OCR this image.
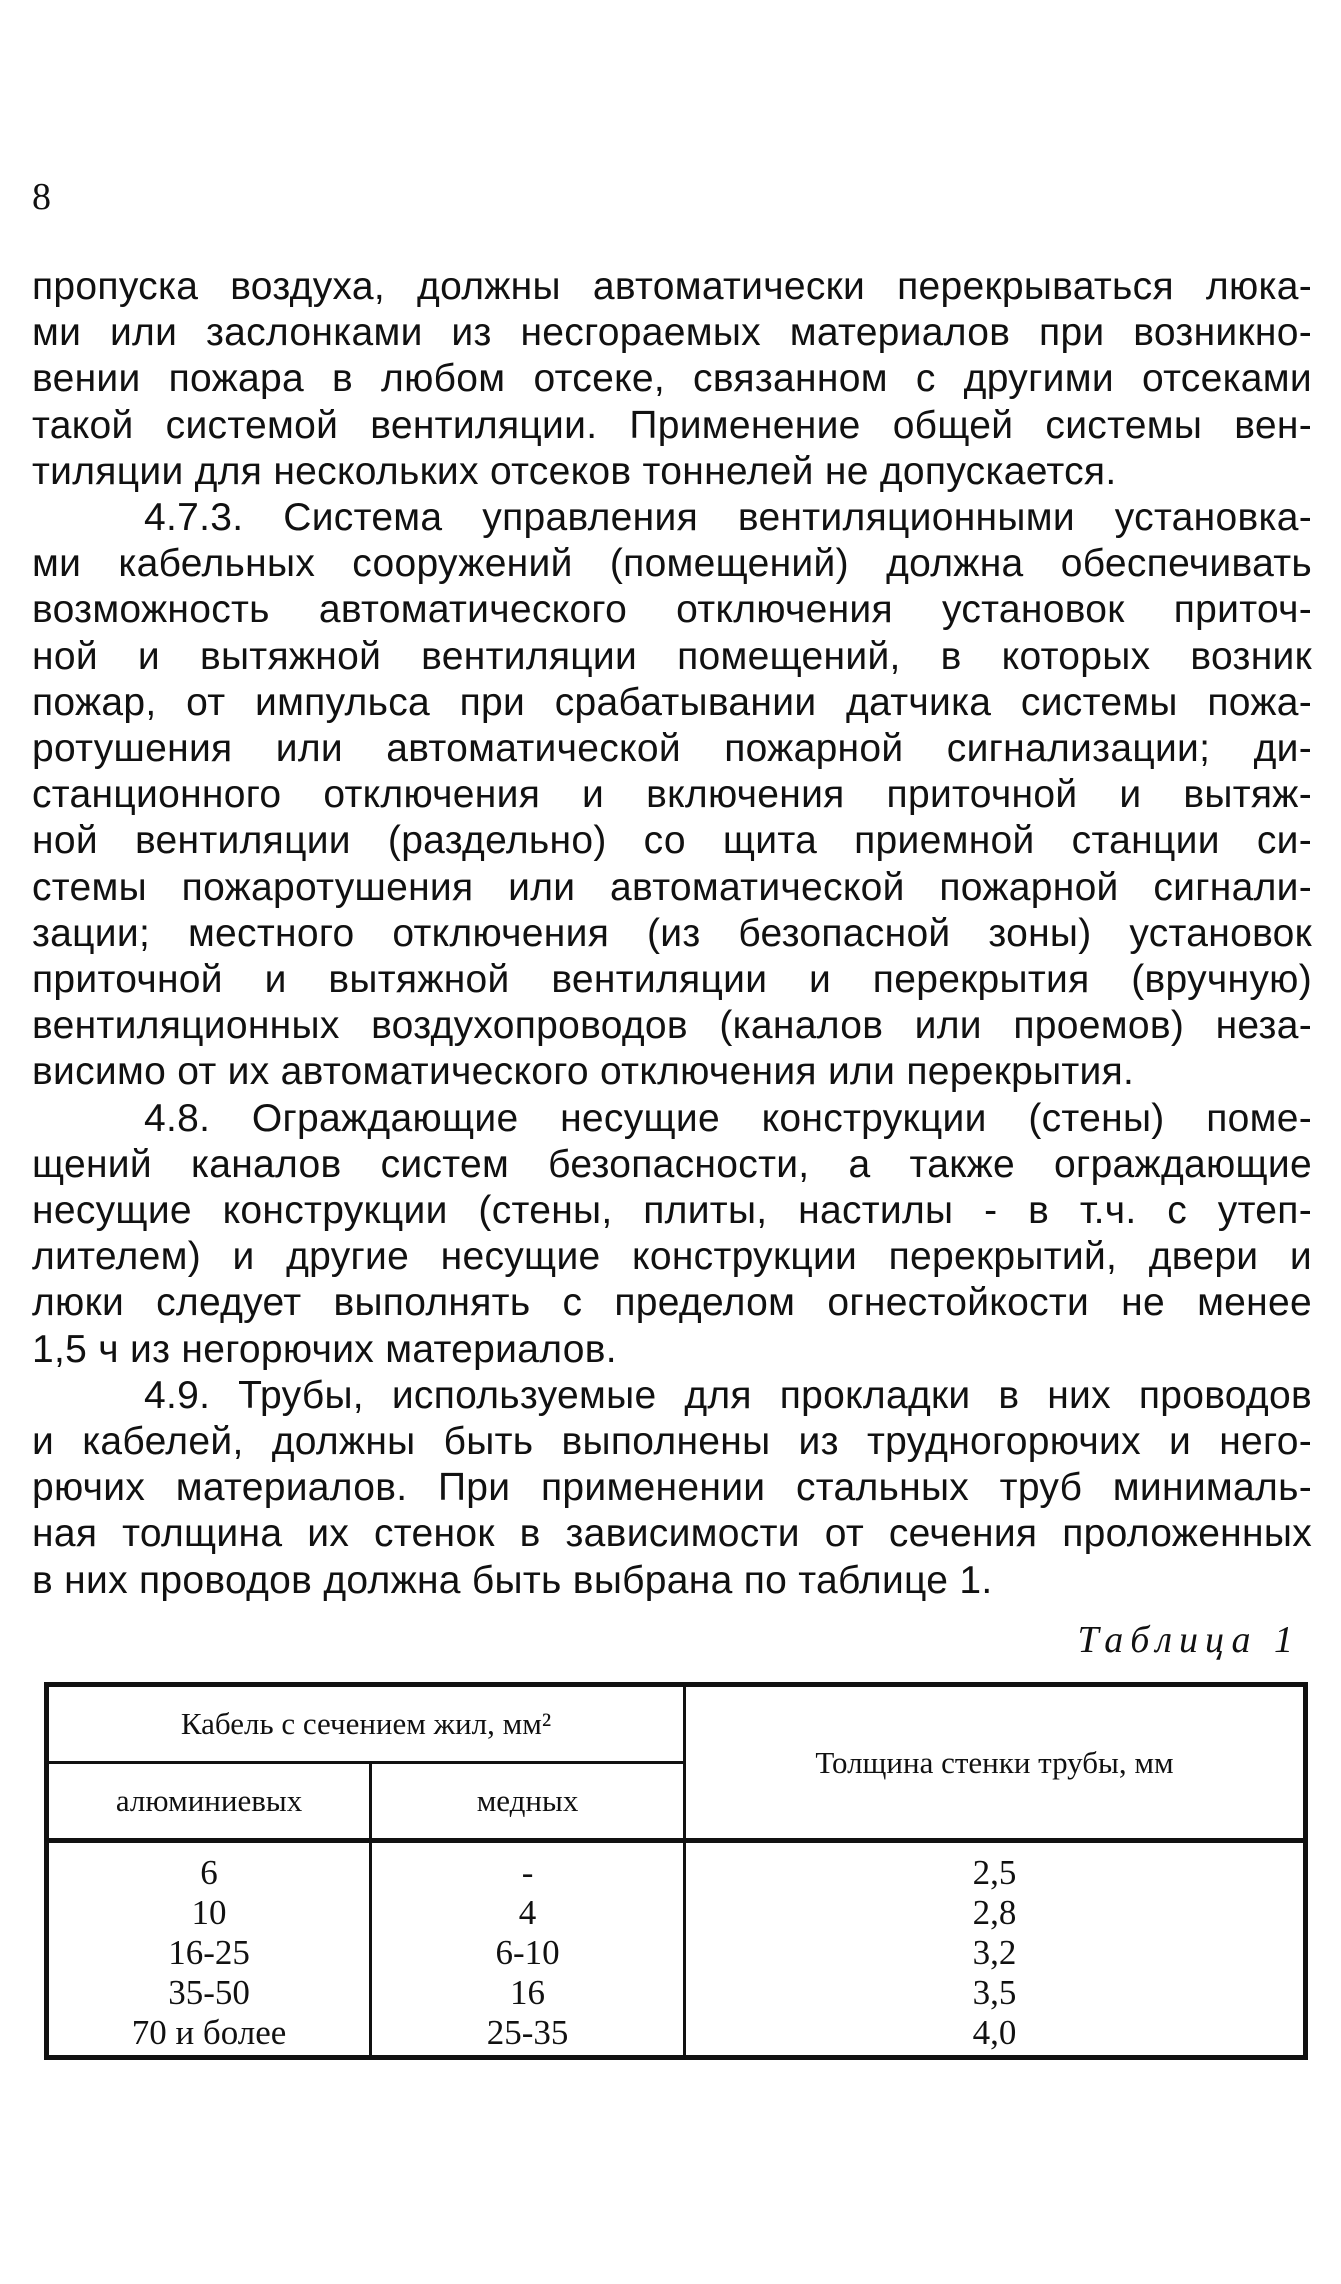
8
пропуска воздуха, должны автоматически перекрываться люка-
ми или заслонками из несгораемых материалов при возникно-
вении пожара в любом отсеке, связанном с другими отсеками
такой системой вентиляции. Применение общей системы вен-
тиляции для нескольких отсеков тоннелей не допускается.
4.7.3. Система управления вентиляционными установка-
ми кабельных сооружений (помещений) должна обеспечивать
возможность автоматического отключения установок приточ-
ной и вытяжной вентиляции помещений, в которых возник
пожар, от импульса при срабатывании датчика системы пожа-
ротушения или автоматической пожарной сигнализации; ди-
станционного отключения и включения приточной и вытяж-
ной вентиляции (раздельно) со щита приемной станции си-
стемы пожаротушения или автоматической пожарной сигнали-
зации; местного отключения (из безопасной зоны) установок
приточной и вытяжной вентиляции и перекрытия (вручную)
вентиляционных воздухопроводов (каналов или проемов) неза-
висимо от их автоматического отключения или перекрытия.
4.8. Ограждающие несущие конструкции (стены) поме-
щений каналов систем безопасности, а также ограждающие
несущие конструкции (стены, плиты, настилы - в т.ч. с утеп-
лителем) и другие несущие конструкции перекрытий, двери и
люки следует выполнять с пределом огнестойкости не менее
1,5 ч из негорючих материалов.
4.9. Трубы, используемые для прокладки в них проводов
и кабелей, должны быть выполнены из трудногорючих и него-
рючих материалов. При применении стальных труб минималь-
ная толщина их стенок в зависимости от сечения проложенных
в них проводов должна быть выбрана по таблице 1.
Таблица 1
Кабель с сечением жил, мм²		Толщина стенки трубы, мм
алюминиевых	медных	
6	-	2,5
10	4	2,8
16-25	6-10	3,2
35-50	16	3,5
70 и более	25-35	4,0
